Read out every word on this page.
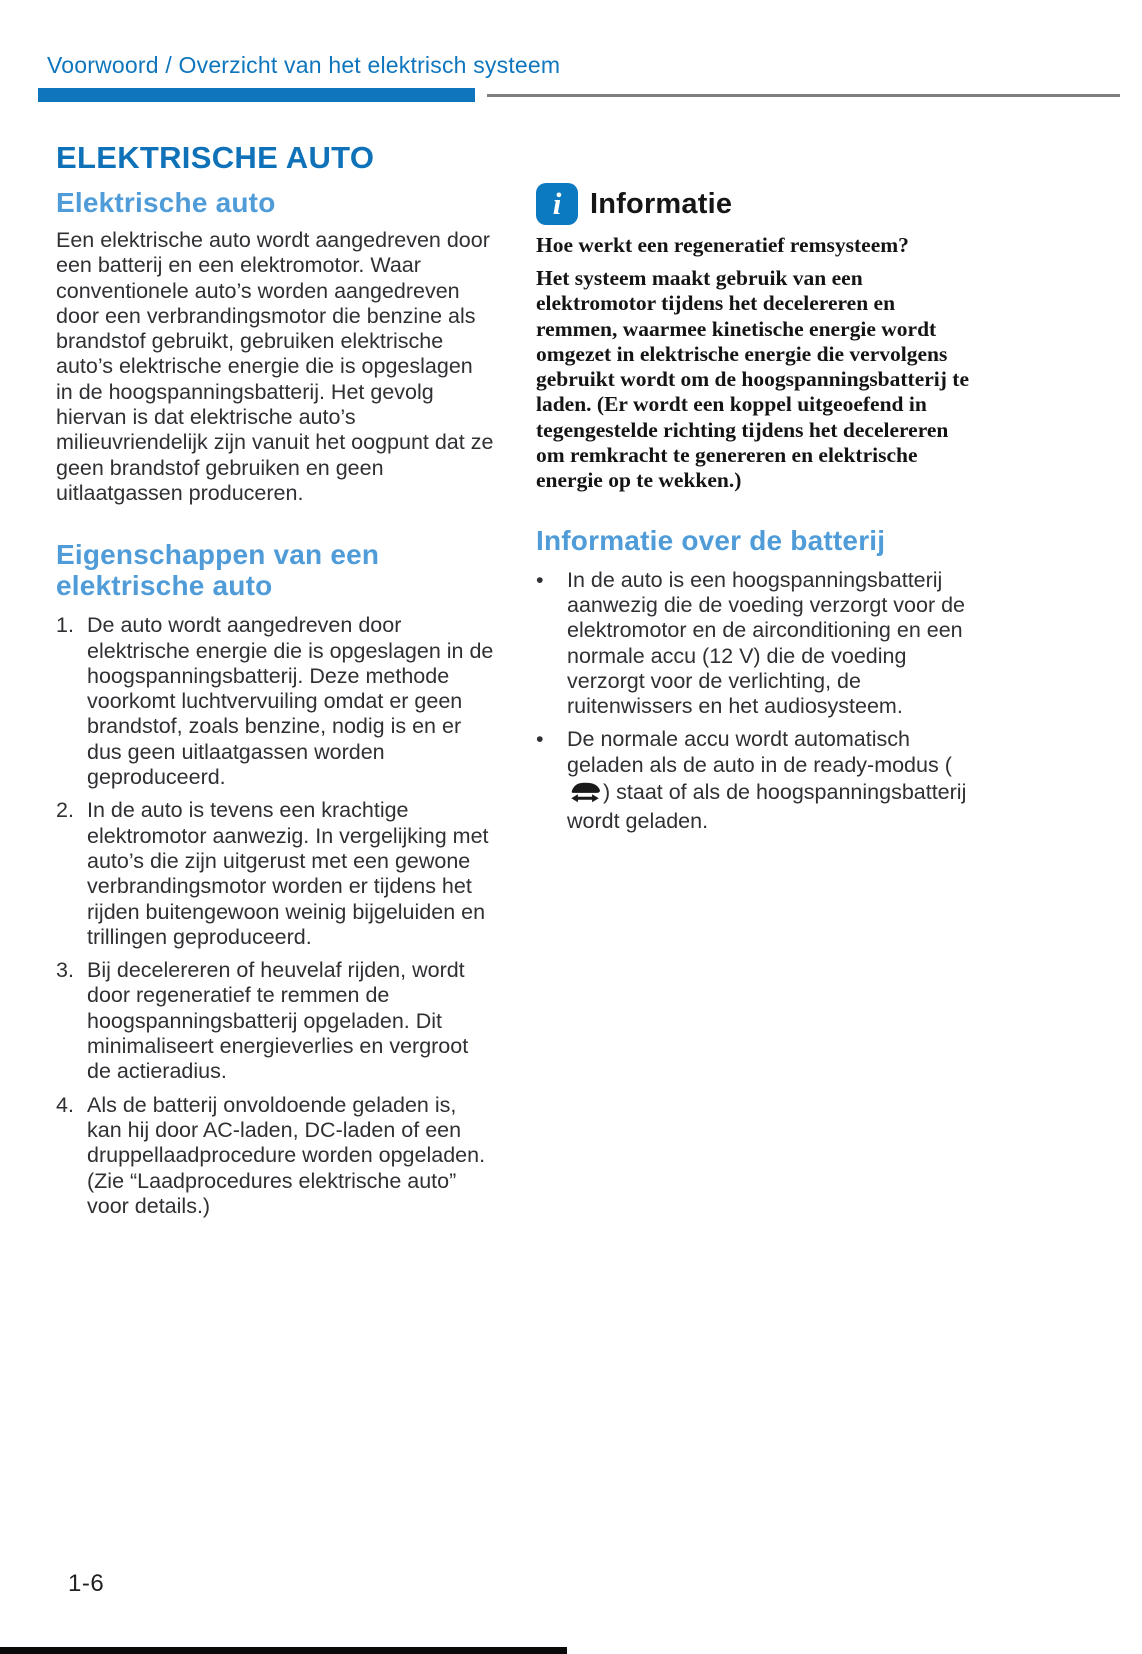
Voorwoord / Overzicht van het elektrisch systeem
ELEKTRISCHE AUTO
Elektrische auto

Een elektrische auto wordt aangedreven door een batterij en een elektromotor. Waar conventionele auto’s worden aangedreven door een verbrandingsmotor die benzine als brandstof gebruikt, gebruiken elektrische auto’s elektrische energie die is opgeslagen in de hoogspanningsbatterij. Het gevolg hiervan is dat elektrische auto’s milieuvriendelijk zijn vanuit het oogpunt dat ze geen brandstof gebruiken en geen uitlaatgassen produceren.

Eigenschappen van een elektrische auto
1. De auto wordt aangedreven door elektrische energie die is opgeslagen in de hoogspanningsbatterij. Deze methode voorkomt luchtvervuiling omdat er geen brandstof, zoals benzine, nodig is en er dus geen uitlaatgassen worden geproduceerd.
2. In de auto is tevens een krachtige elektromotor aanwezig. In vergelijking met auto’s die zijn uitgerust met een gewone verbrandingsmotor worden er tijdens het rijden buitengewoon weinig bijgeluiden en trillingen geproduceerd.
3. Bij decelereren of heuvelaf rijden, wordt door regeneratief te remmen de hoogspanningsbatterij opgeladen. Dit minimaliseert energieverlies en vergroot de actieradius.
4. Als de batterij onvoldoende geladen is, kan hij door AC-laden, DC-laden of een druppellaadprocedure worden opgeladen. (Zie “Laadprocedures elektrische auto” voor details.)
i Informatie

Hoe werkt een regeneratief remsysteem?

Het systeem maakt gebruik van een elektromotor tijdens het decelereren en remmen, waarmee kinetische energie wordt omgezet in elektrische energie die vervolgens gebruikt wordt om de hoogspanningsbatterij te laden. (Er wordt een koppel uitgeoefend in tegengestelde richting tijdens het decelereren om remkracht te genereren en elektrische energie op te wekken.)

Informatie over de batterij
•	In de auto is een hoogspanningsbatterij aanwezig die de voeding verzorgt voor de elektromotor en de airconditioning en een normale accu (12 V) die de voeding verzorgt voor de verlichting, de ruitenwissers en het audiosysteem.
•	De normale accu wordt automatisch geladen als de auto in de ready-modus () staat of als de hoogspanningsbatterij wordt geladen.
1-6
